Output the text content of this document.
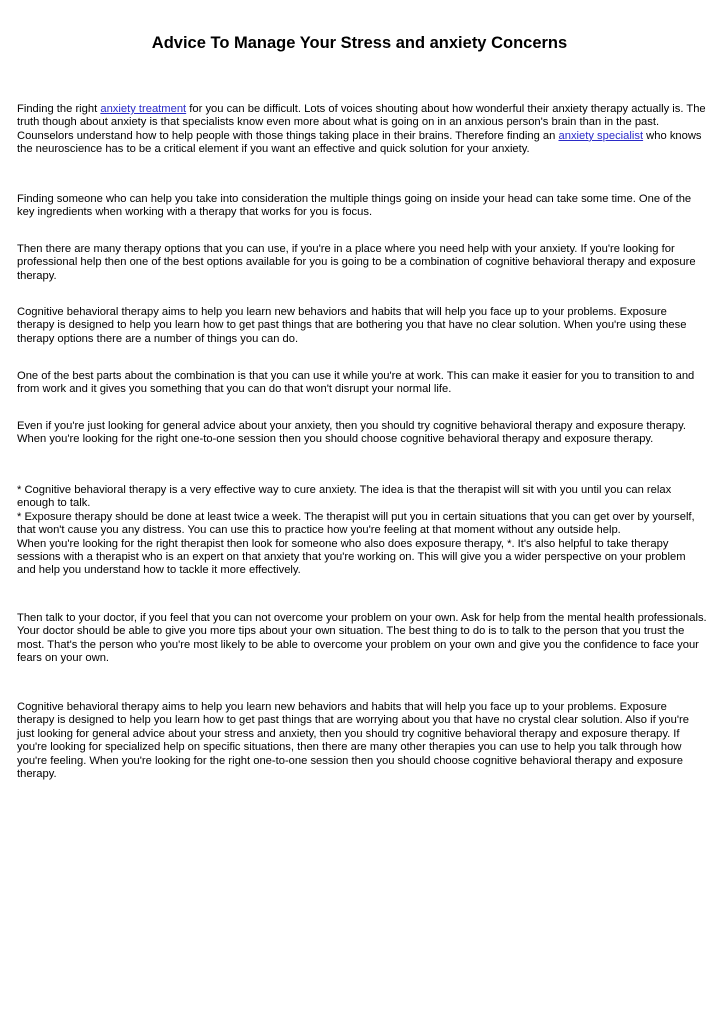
Advice To Manage Your Stress and anxiety Concerns

Finding the right anxiety treatment for you can be difficult. Lots of voices shouting about how wonderful their anxiety therapy actually is. The truth though about anxiety is that specialists know even more about what is going on in an anxious person's brain than in the past. Counselors understand how to help people with those things taking place in their brains. Therefore finding an anxiety specialist who knows the neuroscience has to be a critical element if you want an effective and quick solution for your anxiety.

Finding someone who can help you take into consideration the multiple things going on inside your head can take some time. One of the key ingredients when working with a therapy that works for you is focus.

Then there are many therapy options that you can use, if you're in a place where you need help with your anxiety. If you're looking for professional help then one of the best options available for you is going to be a combination of cognitive behavioral therapy and exposure therapy.

Cognitive behavioral therapy aims to help you learn new behaviors and habits that will help you face up to your problems. Exposure therapy is designed to help you learn how to get past things that are bothering you that have no clear solution. When you're using these therapy options there are a number of things you can do.

One of the best parts about the combination is that you can use it while you're at work. This can make it easier for you to transition to and from work and it gives you something that you can do that won't disrupt your normal life.

Even if you're just looking for general advice about your anxiety, then you should try cognitive behavioral therapy and exposure therapy. When you're looking for the right one-to-one session then you should choose cognitive behavioral therapy and exposure therapy.

* Cognitive behavioral therapy is a very effective way to cure anxiety. The idea is that the therapist will sit with you until you can relax enough to talk.
* Exposure therapy should be done at least twice a week. The therapist will put you in certain situations that you can get over by yourself, that won't cause you any distress. You can use this to practice how you're feeling at that moment without any outside help.
When you're looking for the right therapist then look for someone who also does exposure therapy, *. It's also helpful to take therapy sessions with a therapist who is an expert on that anxiety that you're working on. This will give you a wider perspective on your problem and help you understand how to tackle it more effectively.

Then talk to your doctor, if you feel that you can not overcome your problem on your own. Ask for help from the mental health professionals. Your doctor should be able to give you more tips about your own situation. The best thing to do is to talk to the person that you trust the most. That's the person who you're most likely to be able to overcome your problem on your own and give you the confidence to face your fears on your own.

Cognitive behavioral therapy aims to help you learn new behaviors and habits that will help you face up to your problems. Exposure therapy is designed to help you learn how to get past things that are worrying about you that have no crystal clear solution. Also if you're just looking for general advice about your stress and anxiety, then you should try cognitive behavioral therapy and exposure therapy. If you're looking for specialized help on specific situations, then there are many other therapies you can use to help you talk through how you're feeling. When you're looking for the right one-to-one session then you should choose cognitive behavioral therapy and exposure therapy.
